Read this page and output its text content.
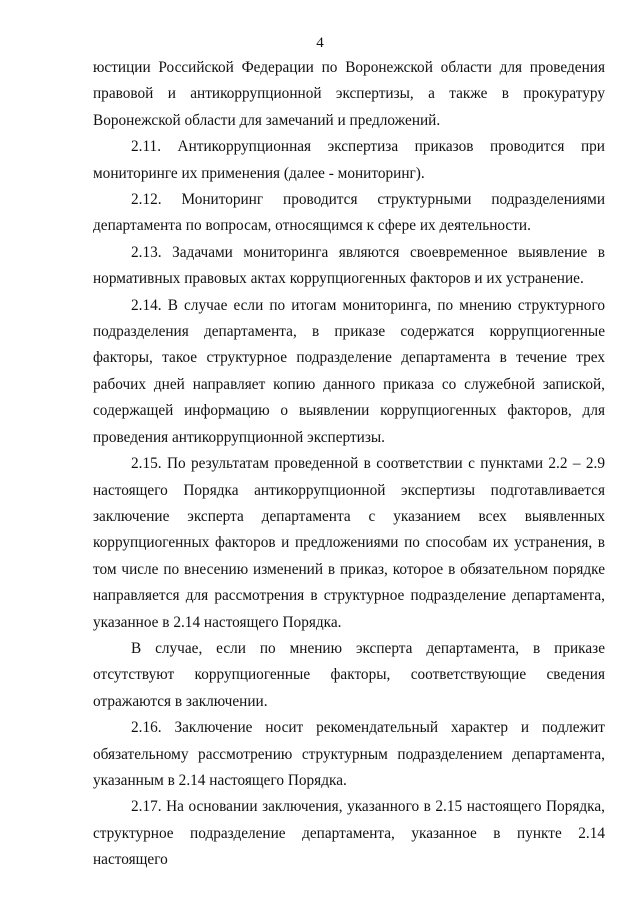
4

юстиции Российской Федерации по Воронежской области для проведения правовой и антикоррупционной экспертизы, а также в прокуратуру Воронежской области для замечаний и предложений.

2.11. Антикоррупционная экспертиза приказов проводится при мониторинге их применения (далее - мониторинг).

2.12. Мониторинг проводится структурными подразделениями департамента по вопросам, относящимся к сфере их деятельности.

2.13. Задачами мониторинга являются своевременное выявление в нормативных правовых актах коррупциогенных факторов и их устранение.

2.14. В случае если по итогам мониторинга, по мнению структурного подразделения департамента, в приказе содержатся коррупциогенные факторы, такое структурное подразделение департамента в течение трех рабочих дней направляет копию данного приказа со служебной запиской, содержащей информацию о выявлении коррупциогенных факторов, для проведения антикоррупционной экспертизы.

2.15. По результатам проведенной в соответствии с пунктами 2.2 – 2.9 настоящего Порядка антикоррупционной экспертизы подготавливается заключение эксперта департамента с указанием всех выявленных коррупциогенных факторов и предложениями по способам их устранения, в том числе по внесению изменений в приказ, которое в обязательном порядке направляется для рассмотрения в структурное подразделение департамента, указанное в 2.14 настоящего Порядка.

В случае, если по мнению эксперта департамента, в приказе отсутствуют коррупциогенные факторы, соответствующие сведения отражаются в заключении.

2.16. Заключение носит рекомендательный характер и подлежит обязательному рассмотрению структурным подразделением департамента, указанным в 2.14 настоящего Порядка.

2.17. На основании заключения, указанного в 2.15 настоящего Порядка, структурное подразделение департамента, указанное в пункте 2.14 настоящего
